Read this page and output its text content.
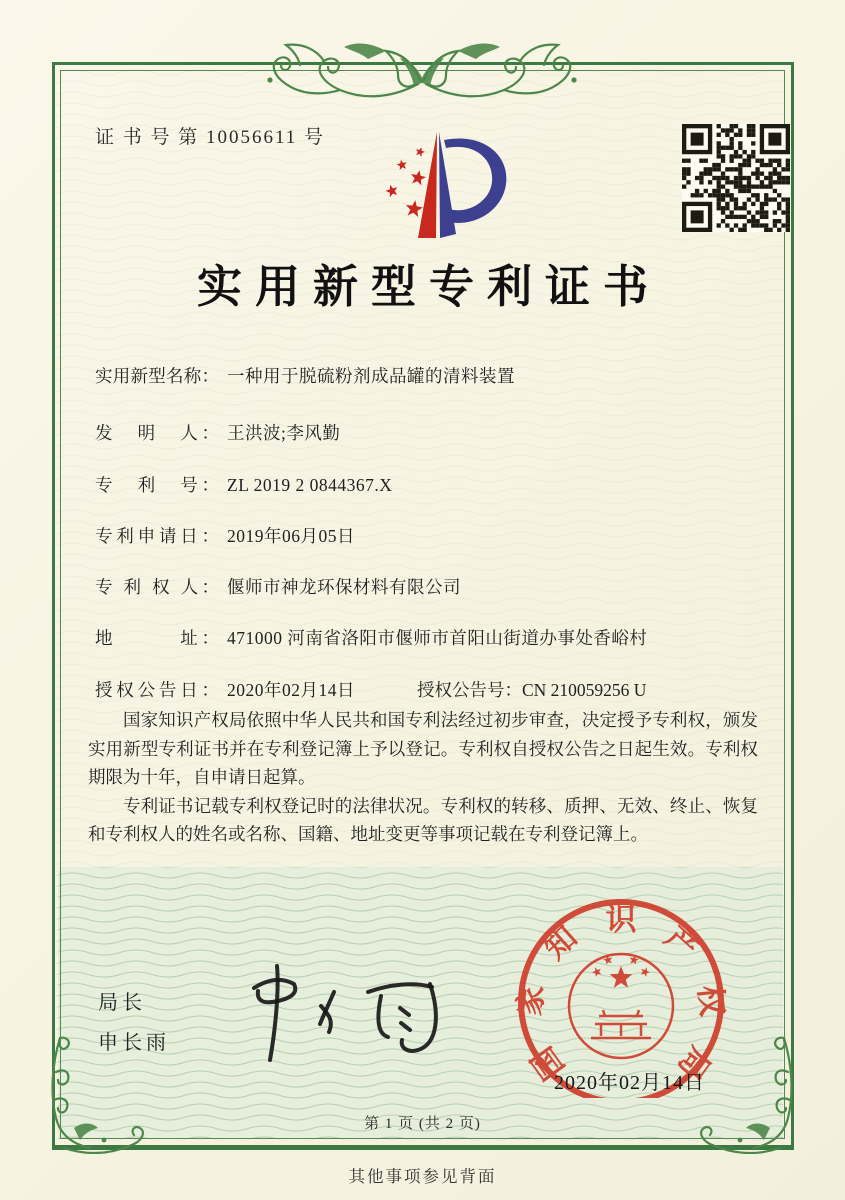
证 书 号 第 10056611 号
实用新型专利证书
实用新型名称： 一种用于脱硫粉剂成品罐的清料装置
发　明　人： 王洪波;李风勤
专　利　号： ZL 2019 2 0844367.X
专利申请日： 2019年06月05日
专 利 权 人： 偃师市神龙环保材料有限公司
地　　　址： 471000 河南省洛阳市偃师市首阳山街道办事处香峪村
授权公告日： 2020年02月14日	授权公告号：CN 210059256 U

国家知识产权局依照中华人民共和国专利法经过初步审查，决定授予专利权，颁发实用新型专利证书并在专利登记簿上予以登记。专利权自授权公告之日起生效。专利权期限为十年，自申请日起算。

专利证书记载专利权登记时的法律状况。专利权的转移、质押、无效、终止、恢复和专利权人的姓名或名称、国籍、地址变更等事项记载在专利登记簿上。

局长
申长雨	国
家
知 识 产
权
局
2020年02月14日
第 1 页 (共 2 页)
其他事项参见背面
